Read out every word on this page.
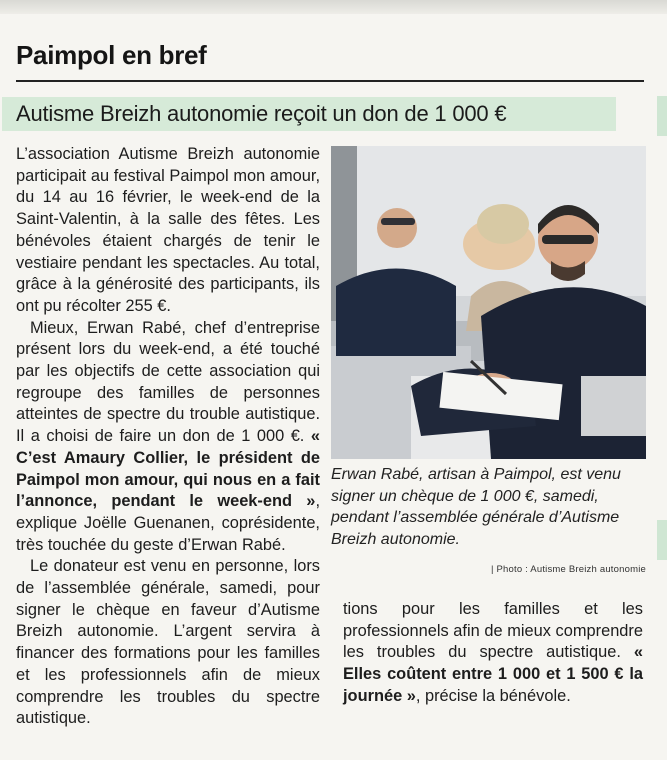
Paimpol en bref
Autisme Breizh autonomie reçoit un don de 1 000 €

L’association Autisme Breizh autonomie participait au festival Paimpol mon amour, du 14 au 16 février, le week-end de la Saint-Valentin, à la salle des fêtes. Les bénévoles étaient chargés de tenir le vestiaire pendant les spectacles. Au total, grâce à la générosité des participants, ils ont pu récolter 255 €.

Mieux, Erwan Rabé, chef d’entreprise présent lors du week-end, a été touché par les objectifs de cette association qui regroupe des familles de personnes atteintes de spectre du trouble autistique. Il a choisi de faire un don de 1 000 €. « C’est Amaury Collier, le président de Paimpol mon amour, qui nous en a fait l’annonce, pendant le week-end », explique Joëlle Guenanen, coprésidente, très touchée du geste d’Erwan Rabé.

Le donateur est venu en personne, lors de l’assemblée générale, samedi, pour signer le chèque en faveur d’Autisme Breizh autonomie. L’argent servira à financer des formations pour les familles et les professionnels afin de mieux comprendre les troubles du spectre autistique.

tions pour les familles et les professionnels afin de mieux comprendre les troubles du spectre autistique. « Elles coûtent entre 1 000 et 1 500 € la journée », précise la bénévole.

Erwan Rabé, artisan à Paimpol, est venu signer un chèque de 1 000 €, samedi, pendant l’assemblée générale d’Autisme Breizh autonomie.
| Photo : Autisme Breizh autonomie
